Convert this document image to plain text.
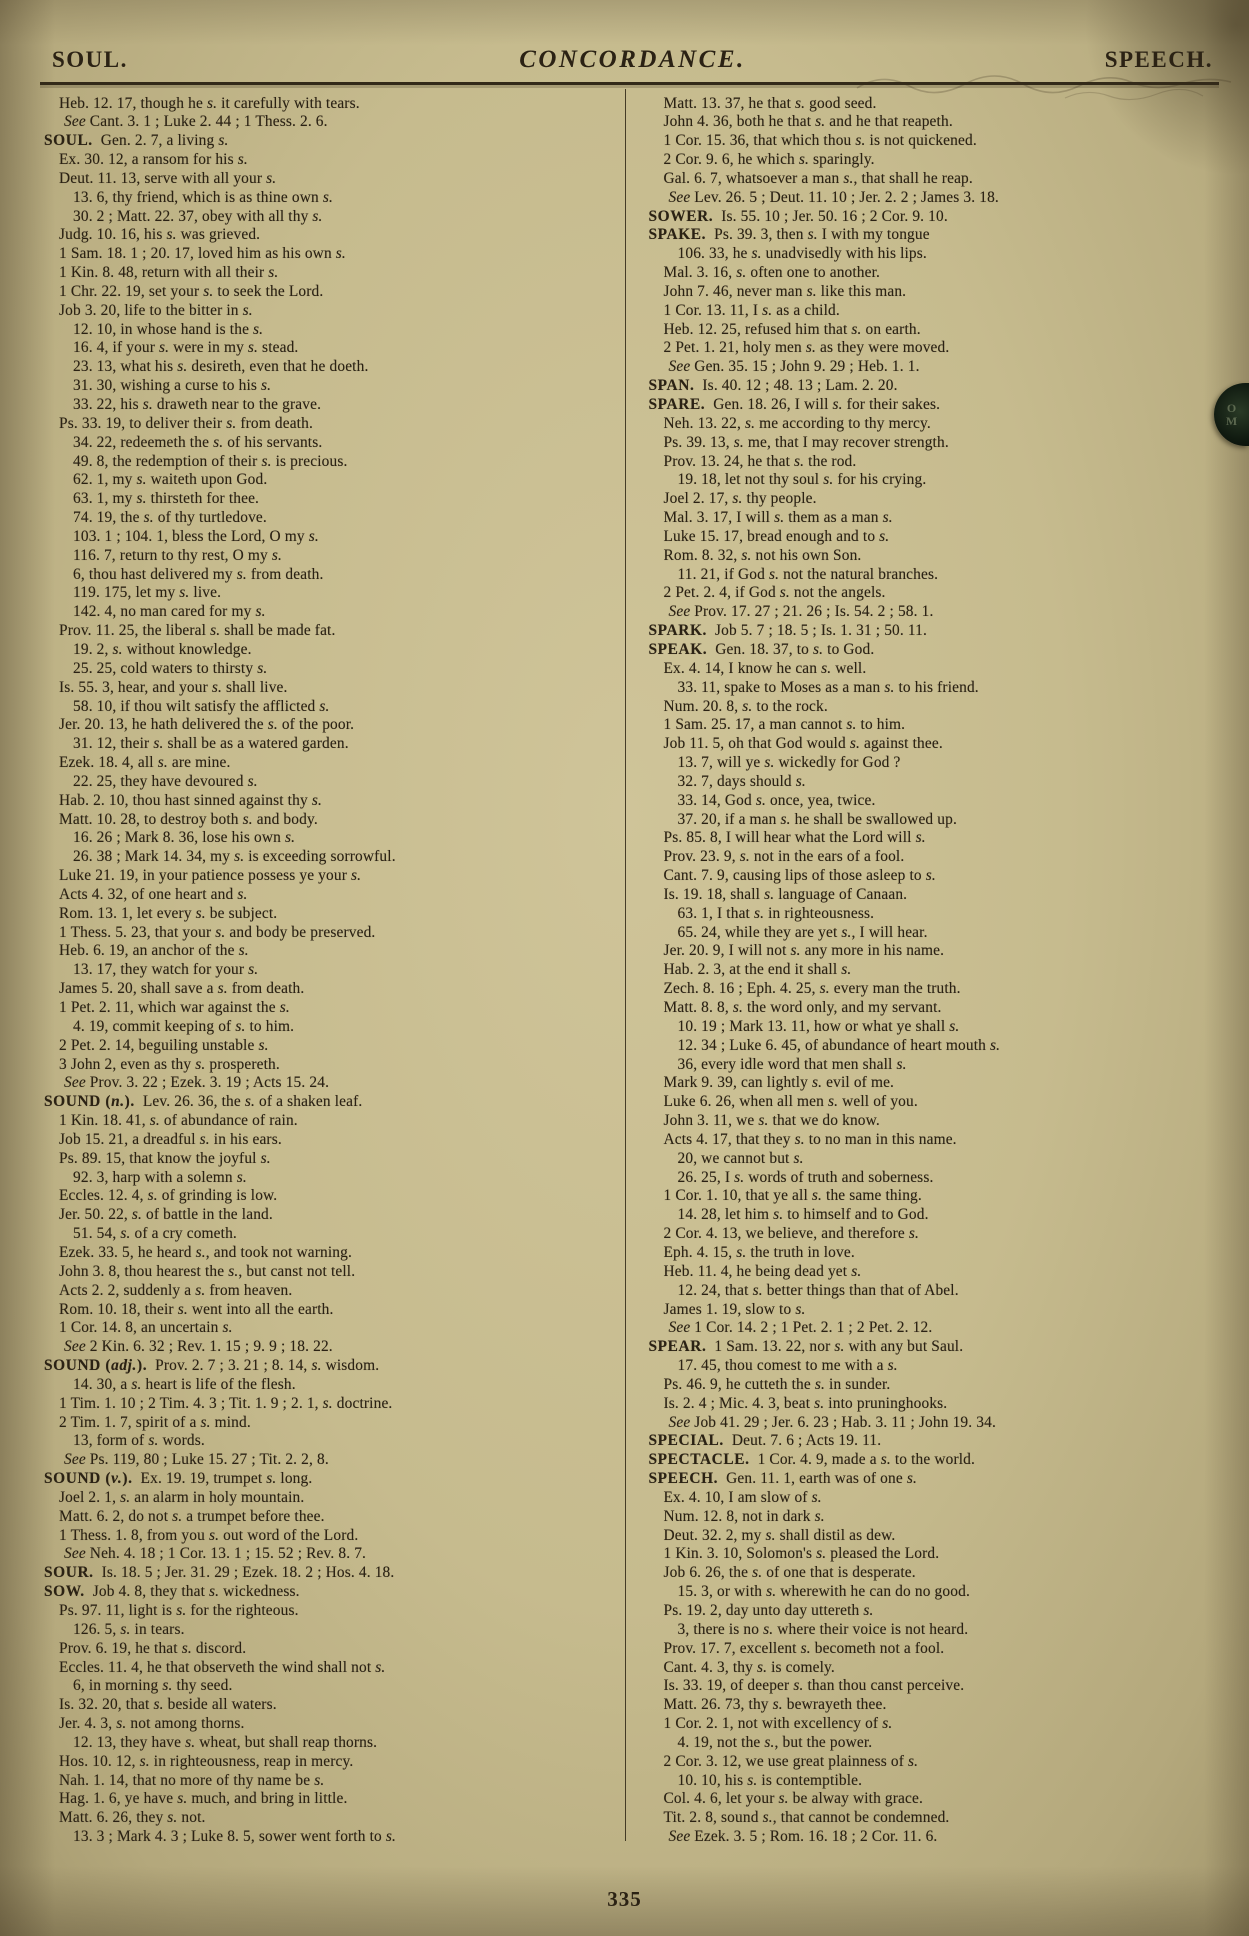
SOUL.	CONCORDANCE.	SPEECH.
Heb. 12. 17, though he s. it carefully with tears.
See Cant. 3. 1 ; Luke 2. 44 ; 1 Thess. 2. 6.
SOUL.  Gen. 2. 7, a living s.
Ex. 30. 12, a ransom for his s.
Deut. 11. 13, serve with all your s.
13. 6, thy friend, which is as thine own s.
30. 2 ; Matt. 22. 37, obey with all thy s.
Judg. 10. 16, his s. was grieved.
1 Sam. 18. 1 ; 20. 17, loved him as his own s.
1 Kin. 8. 48, return with all their s.
1 Chr. 22. 19, set your s. to seek the Lord.
Job 3. 20, life to the bitter in s.
12. 10, in whose hand is the s.
16. 4, if your s. were in my s. stead.
23. 13, what his s. desireth, even that he doeth.
31. 30, wishing a curse to his s.
33. 22, his s. draweth near to the grave.
Ps. 33. 19, to deliver their s. from death.
34. 22, redeemeth the s. of his servants.
49. 8, the redemption of their s. is precious.
62. 1, my s. waiteth upon God.
63. 1, my s. thirsteth for thee.
74. 19, the s. of thy turtledove.
103. 1 ; 104. 1, bless the Lord, O my s.
116. 7, return to thy rest, O my s.
6, thou hast delivered my s. from death.
119. 175, let my s. live.
142. 4, no man cared for my s.
Prov. 11. 25, the liberal s. shall be made fat.
19. 2, s. without knowledge.
25. 25, cold waters to thirsty s.
Is. 55. 3, hear, and your s. shall live.
58. 10, if thou wilt satisfy the afflicted s.
Jer. 20. 13, he hath delivered the s. of the poor.
31. 12, their s. shall be as a watered garden.
Ezek. 18. 4, all s. are mine.
22. 25, they have devoured s.
Hab. 2. 10, thou hast sinned against thy s.
Matt. 10. 28, to destroy both s. and body.
16. 26 ; Mark 8. 36, lose his own s.
26. 38 ; Mark 14. 34, my s. is exceeding sorrowful.
Luke 21. 19, in your patience possess ye your s.
Acts 4. 32, of one heart and s.
Rom. 13. 1, let every s. be subject.
1 Thess. 5. 23, that your s. and body be preserved.
Heb. 6. 19, an anchor of the s.
13. 17, they watch for your s.
James 5. 20, shall save a s. from death.
1 Pet. 2. 11, which war against the s.
4. 19, commit keeping of s. to him.
2 Pet. 2. 14, beguiling unstable s.
3 John 2, even as thy s. prospereth.
See Prov. 3. 22 ; Ezek. 3. 19 ; Acts 15. 24.
SOUND (n.).  Lev. 26. 36, the s. of a shaken leaf.
1 Kin. 18. 41, s. of abundance of rain.
Job 15. 21, a dreadful s. in his ears.
Ps. 89. 15, that know the joyful s.
92. 3, harp with a solemn s.
Eccles. 12. 4, s. of grinding is low.
Jer. 50. 22, s. of battle in the land.
51. 54, s. of a cry cometh.
Ezek. 33. 5, he heard s., and took not warning.
John 3. 8, thou hearest the s., but canst not tell.
Acts 2. 2, suddenly a s. from heaven.
Rom. 10. 18, their s. went into all the earth.
1 Cor. 14. 8, an uncertain s.
See 2 Kin. 6. 32 ; Rev. 1. 15 ; 9. 9 ; 18. 22.
SOUND (adj.).  Prov. 2. 7 ; 3. 21 ; 8. 14, s. wisdom.
14. 30, a s. heart is life of the flesh.
1 Tim. 1. 10 ; 2 Tim. 4. 3 ; Tit. 1. 9 ; 2. 1, s. doctrine.
2 Tim. 1. 7, spirit of a s. mind.
13, form of s. words.
See Ps. 119, 80 ; Luke 15. 27 ; Tit. 2. 2, 8.
SOUND (v.).  Ex. 19. 19, trumpet s. long.
Joel 2. 1, s. an alarm in holy mountain.
Matt. 6. 2, do not s. a trumpet before thee.
1 Thess. 1. 8, from you s. out word of the Lord.
See Neh. 4. 18 ; 1 Cor. 13. 1 ; 15. 52 ; Rev. 8. 7.
SOUR.  Is. 18. 5 ; Jer. 31. 29 ; Ezek. 18. 2 ; Hos. 4. 18.
SOW.  Job 4. 8, they that s. wickedness.
Ps. 97. 11, light is s. for the righteous.
126. 5, s. in tears.
Prov. 6. 19, he that s. discord.
Eccles. 11. 4, he that observeth the wind shall not s.
6, in morning s. thy seed.
Is. 32. 20, that s. beside all waters.
Jer. 4. 3, s. not among thorns.
12. 13, they have s. wheat, but shall reap thorns.
Hos. 10. 12, s. in righteousness, reap in mercy.
Nah. 1. 14, that no more of thy name be s.
Hag. 1. 6, ye have s. much, and bring in little.
Matt. 6. 26, they s. not.
13. 3 ; Mark 4. 3 ; Luke 8. 5, sower went forth to s.
Matt. 13. 37, he that s. good seed.
John 4. 36, both he that s. and he that reapeth.
1 Cor. 15. 36, that which thou s. is not quickened.
2 Cor. 9. 6, he which s. sparingly.
Gal. 6. 7, whatsoever a man s., that shall he reap.
See Lev. 26. 5 ; Deut. 11. 10 ; Jer. 2. 2 ; James 3. 18.
SOWER.  Is. 55. 10 ; Jer. 50. 16 ; 2 Cor. 9. 10.
SPAKE.  Ps. 39. 3, then s. I with my tongue
106. 33, he s. unadvisedly with his lips.
Mal. 3. 16, s. often one to another.
John 7. 46, never man s. like this man.
1 Cor. 13. 11, I s. as a child.
Heb. 12. 25, refused him that s. on earth.
2 Pet. 1. 21, holy men s. as they were moved.
See Gen. 35. 15 ; John 9. 29 ; Heb. 1. 1.
SPAN.  Is. 40. 12 ; 48. 13 ; Lam. 2. 20.
SPARE.  Gen. 18. 26, I will s. for their sakes.
Neh. 13. 22, s. me according to thy mercy.
Ps. 39. 13, s. me, that I may recover strength.
Prov. 13. 24, he that s. the rod.
19. 18, let not thy soul s. for his crying.
Joel 2. 17, s. thy people.
Mal. 3. 17, I will s. them as a man s.
Luke 15. 17, bread enough and to s.
Rom. 8. 32, s. not his own Son.
11. 21, if God s. not the natural branches.
2 Pet. 2. 4, if God s. not the angels.
See Prov. 17. 27 ; 21. 26 ; Is. 54. 2 ; 58. 1.
SPARK.  Job 5. 7 ; 18. 5 ; Is. 1. 31 ; 50. 11.
SPEAK.  Gen. 18. 37, to s. to God.
Ex. 4. 14, I know he can s. well.
33. 11, spake to Moses as a man s. to his friend.
Num. 20. 8, s. to the rock.
1 Sam. 25. 17, a man cannot s. to him.
Job 11. 5, oh that God would s. against thee.
13. 7, will ye s. wickedly for God ?
32. 7, days should s.
33. 14, God s. once, yea, twice.
37. 20, if a man s. he shall be swallowed up.
Ps. 85. 8, I will hear what the Lord will s.
Prov. 23. 9, s. not in the ears of a fool.
Cant. 7. 9, causing lips of those asleep to s.
Is. 19. 18, shall s. language of Canaan.
63. 1, I that s. in righteousness.
65. 24, while they are yet s., I will hear.
Jer. 20. 9, I will not s. any more in his name.
Hab. 2. 3, at the end it shall s.
Zech. 8. 16 ; Eph. 4. 25, s. every man the truth.
Matt. 8. 8, s. the word only, and my servant.
10. 19 ; Mark 13. 11, how or what ye shall s.
12. 34 ; Luke 6. 45, of abundance of heart mouth s.
36, every idle word that men shall s.
Mark 9. 39, can lightly s. evil of me.
Luke 6. 26, when all men s. well of you.
John 3. 11, we s. that we do know.
Acts 4. 17, that they s. to no man in this name.
20, we cannot but s.
26. 25, I s. words of truth and soberness.
1 Cor. 1. 10, that ye all s. the same thing.
14. 28, let him s. to himself and to God.
2 Cor. 4. 13, we believe, and therefore s.
Eph. 4. 15, s. the truth in love.
Heb. 11. 4, he being dead yet s.
12. 24, that s. better things than that of Abel.
James 1. 19, slow to s.
See 1 Cor. 14. 2 ; 1 Pet. 2. 1 ; 2 Pet. 2. 12.
SPEAR.  1 Sam. 13. 22, nor s. with any but Saul.
17. 45, thou comest to me with a s.
Ps. 46. 9, he cutteth the s. in sunder.
Is. 2. 4 ; Mic. 4. 3, beat s. into pruninghooks.
See Job 41. 29 ; Jer. 6. 23 ; Hab. 3. 11 ; John 19. 34.
SPECIAL.  Deut. 7. 6 ; Acts 19. 11.
SPECTACLE.  1 Cor. 4. 9, made a s. to the world.
SPEECH.  Gen. 11. 1, earth was of one s.
Ex. 4. 10, I am slow of s.
Num. 12. 8, not in dark s.
Deut. 32. 2, my s. shall distil as dew.
1 Kin. 3. 10, Solomon's s. pleased the Lord.
Job 6. 26, the s. of one that is desperate.
15. 3, or with s. wherewith he can do no good.
Ps. 19. 2, day unto day uttereth s.
3, there is no s. where their voice is not heard.
Prov. 17. 7, excellent s. becometh not a fool.
Cant. 4. 3, thy s. is comely.
Is. 33. 19, of deeper s. than thou canst perceive.
Matt. 26. 73, thy s. bewrayeth thee.
1 Cor. 2. 1, not with excellency of s.
4. 19, not the s., but the power.
2 Cor. 3. 12, we use great plainness of s.
10. 10, his s. is contemptible.
Col. 4. 6, let your s. be alway with grace.
Tit. 2. 8, sound s., that cannot be condemned.
See Ezek. 3. 5 ; Rom. 16. 18 ; 2 Cor. 11. 6.
O
M
335
